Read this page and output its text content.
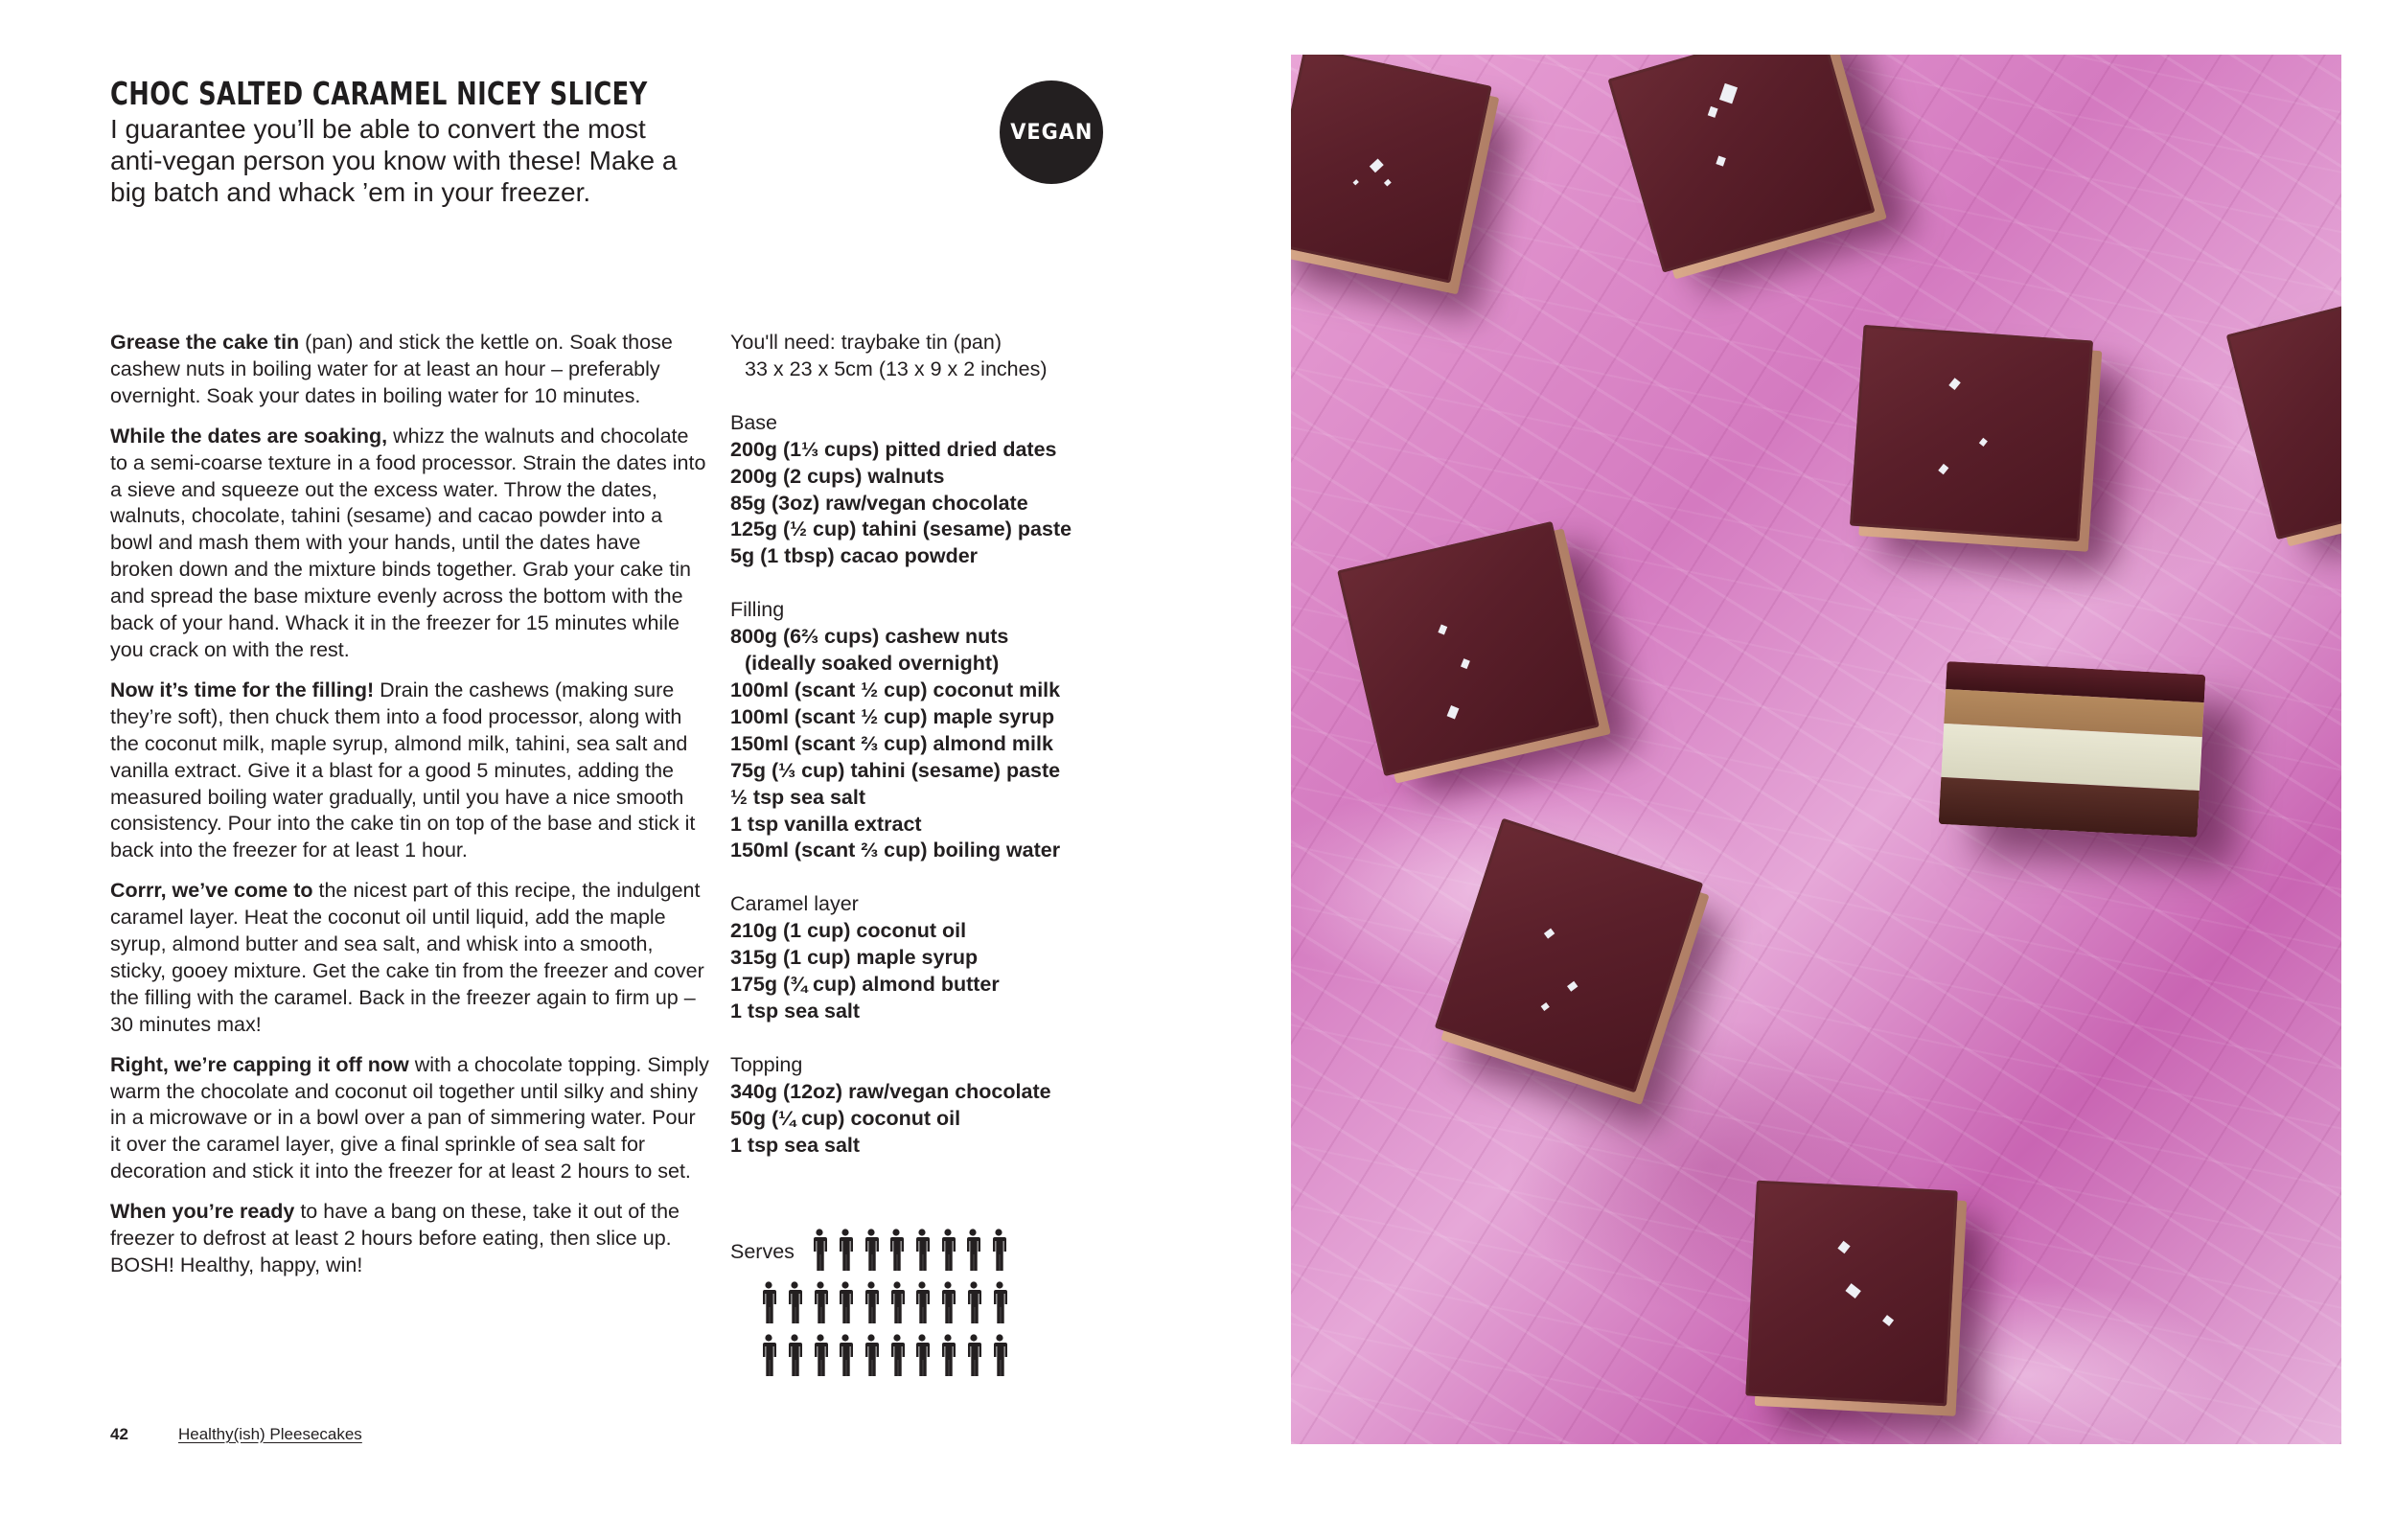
CHOC SALTED CARAMEL NICEY SLICEY
I guarantee you’ll be able to convert the most
anti-vegan person you know with these! Make a
big batch and whack ’em in your freezer.
VEGAN

Grease the cake tin (pan) and stick the kettle on. Soak those cashew nuts in boiling water for at least an hour – preferably overnight. Soak your dates in boiling water for 10 minutes.

While the dates are soaking, whizz the walnuts and chocolate to a semi-coarse texture in a food processor. Strain the dates into a sieve and squeeze out the excess water. Throw the dates, walnuts, chocolate, tahini (sesame) and cacao powder into a bowl and mash them with your hands, until the dates have broken down and the mixture binds together. Grab your cake tin and spread the base mixture evenly across the bottom with the back of your hand. Whack it in the freezer for 15 minutes while you crack on with the rest.

Now it’s time for the filling! Drain the cashews (making sure they’re soft), then chuck them into a food processor, along with the coconut milk, maple syrup, almond milk, tahini, sea salt and vanilla extract. Give it a blast for a good 5 minutes, adding the measured boiling water gradually, until you have a nice smooth consistency. Pour into the cake tin on top of the base and stick it back into the freezer for at least 1 hour.

Corrr, we’ve come to the nicest part of this recipe, the indulgent caramel layer. Heat the coconut oil until liquid, add the maple syrup, almond butter and sea salt, and whisk into a smooth, sticky, gooey mixture. Get the cake tin from the freezer and cover the filling with the caramel. Back in the freezer again to firm up – 30 minutes max!

Right, we’re capping it off now with a chocolate topping. Simply warm the chocolate and coconut oil together until silky and shiny in a microwave or in a bowl over a pan of simmering water. Pour it over the caramel layer, give a final sprinkle of sea salt for decoration and stick it into the freezer for at least 2 hours to set.

When you’re ready to have a bang on these, take it out of the freezer to defrost at least 2 hours before eating, then slice up. BOSH! Healthy, happy, win!

You'll need: traybake tin (pan)
33 x 23 x 5cm (13 x 9 x 2 inches)
Base
200g (1⅓ cups) pitted dried dates
200g (2 cups) walnuts
85g (3oz) raw/vegan chocolate
125g (½ cup) tahini (sesame) paste
5g (1 tbsp) cacao powder
Filling
800g (6⅔ cups) cashew nuts
(ideally soaked overnight)
100ml (scant ½ cup) coconut milk
100ml (scant ½ cup) maple syrup
150ml (scant ⅔ cup) almond milk
75g (⅓ cup) tahini (sesame) paste
½ tsp sea salt
1 tsp vanilla extract
150ml (scant ⅔ cup) boiling water
Caramel layer
210g (1 cup) coconut oil
315g (1 cup) maple syrup
175g (¾ cup) almond butter
1 tsp sea salt
Topping
340g (12oz) raw/vegan chocolate
50g (¼ cup) coconut oil
1 tsp sea salt
Serves
42	Healthy(ish) Pleesecakes
